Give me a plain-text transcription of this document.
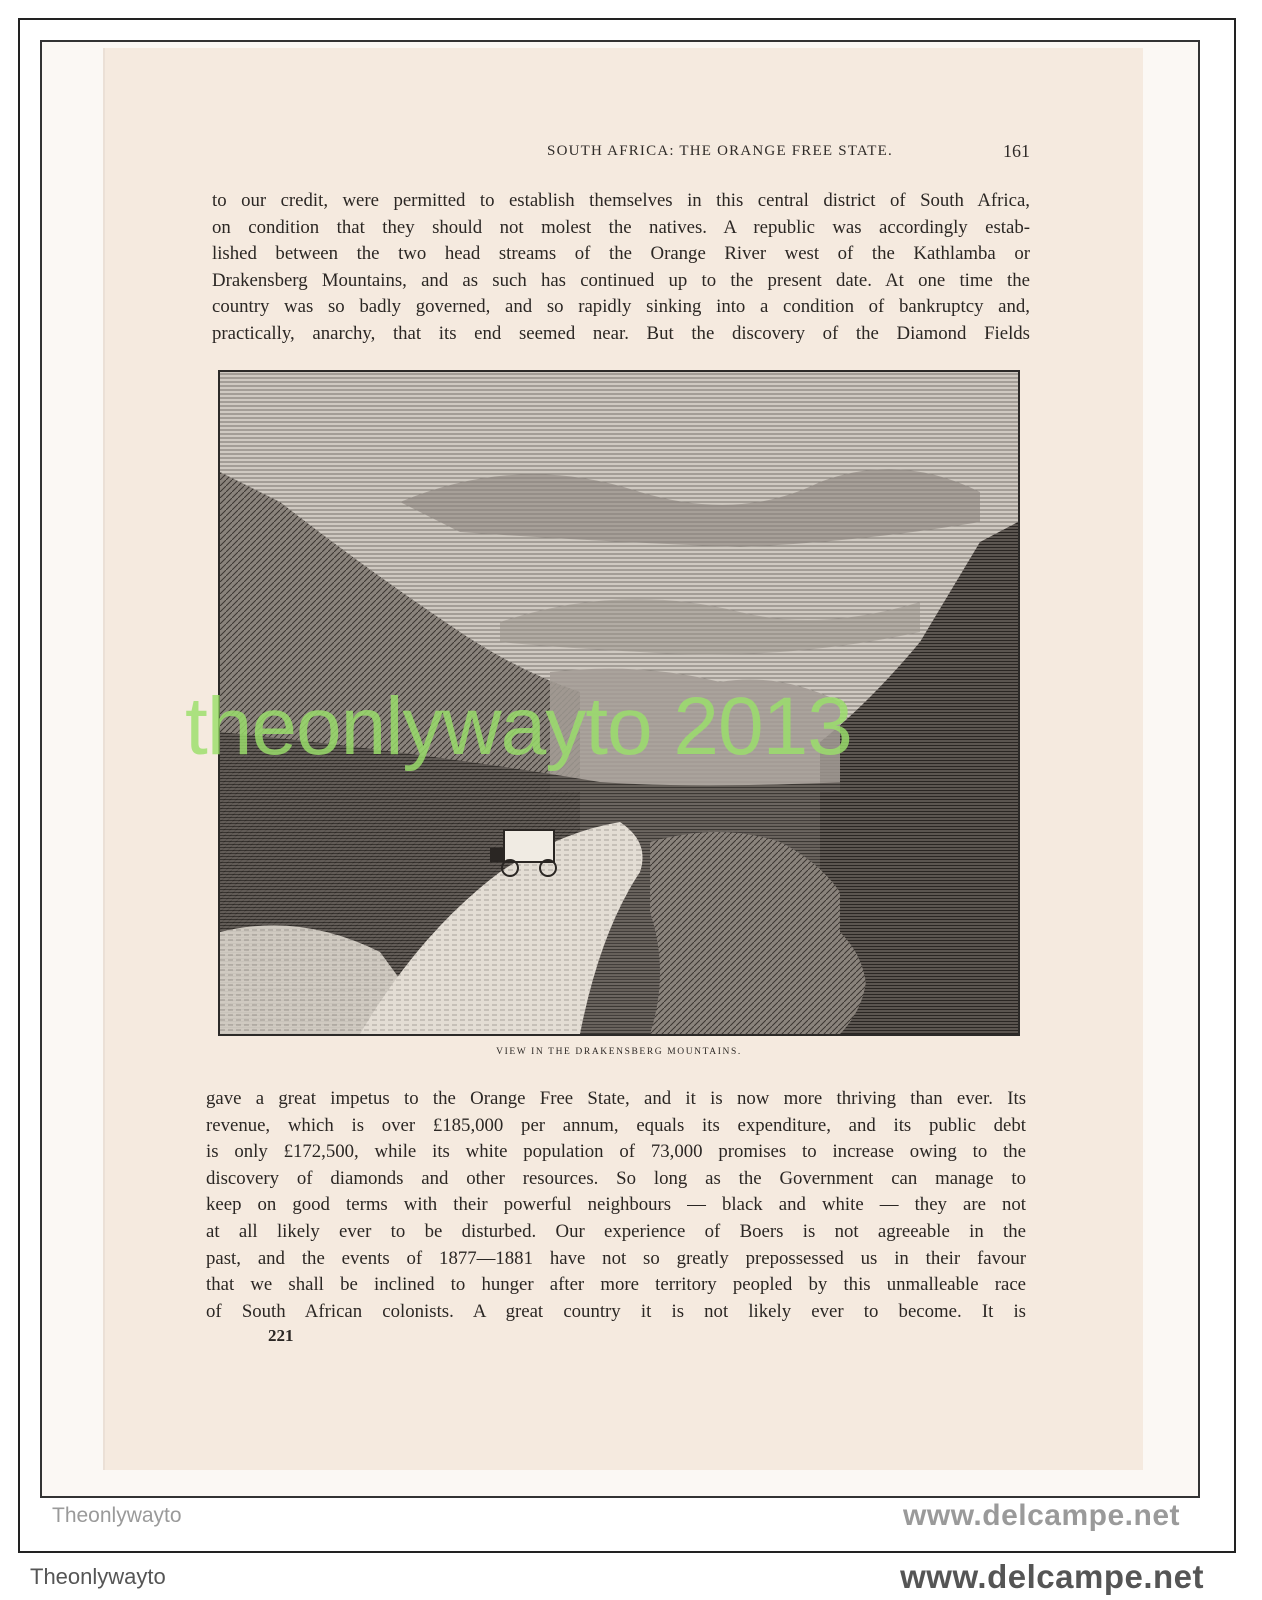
SOUTH AFRICA: THE ORANGE FREE STATE.	161
to our credit, were permitted to establish themselves in this central district of South Africa,
on condition that they should not molest the natives. A republic was accordingly estab-
lished between the two head streams of the Orange River west of the Kathlamba or
Drakensberg Mountains, and as such has continued up to the present date. At one time the
country was so badly governed, and so rapidly sinking into a condition of bankruptcy and,
practically, anarchy, that its end seemed near. But the discovery of the Diamond Fields
VIEW IN THE DRAKENSBERG MOUNTAINS.
gave a great impetus to the Orange Free State, and it is now more thriving than ever. Its
revenue, which is over £185,000 per annum, equals its expenditure, and its public debt
is only £172,500, while its white population of 73,000 promises to increase owing to the
discovery of diamonds and other resources. So long as the Government can manage to
keep on good terms with their powerful neighbours — black and white — they are not
at all likely ever to be disturbed. Our experience of Boers is not agreeable in the
past, and the events of 1877—1881 have not so greatly prepossessed us in their favour
that we shall be inclined to hunger after more territory peopled by this unmalleable race
of South African colonists. A great country it is not likely ever to become. It is
221
theonlywayto 2013
Theonlywayto	www.delcampe.net
Theonlywayto	www.delcampe.net
